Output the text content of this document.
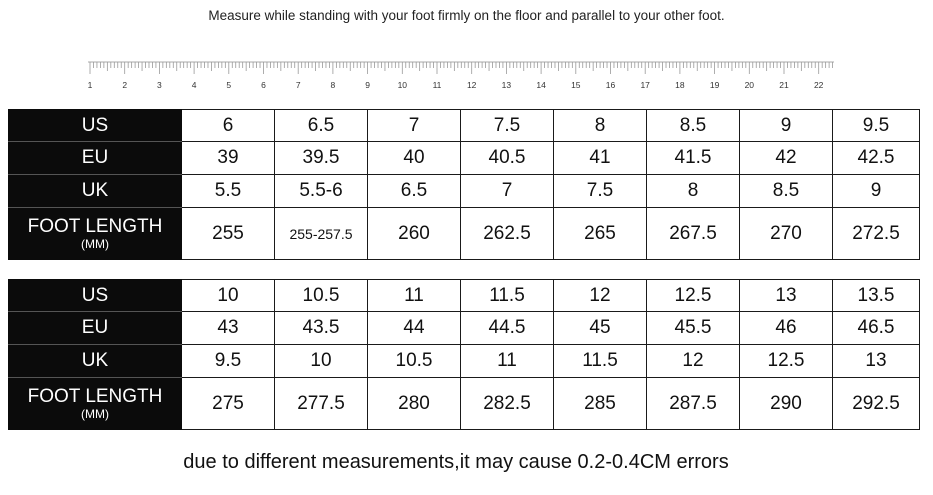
Measure while standing with your foot firmly on the floor and parallel to your other foot.
1	2	3	4	5	6	7	8	9	10	11	12	13	14	15	16	17	18	19	20	21	22
US	6	6.5	7	7.5	8	8.5	9	9.5

EU	39	39.5	40	40.5	41	41.5	42	42.5

UK	5.5	5.5-6	6.5	7	7.5	8	8.5	9

FOOT LENGTH
(MM)	255	255-257.5	260	262.5	265	267.5	270	272.5
US	10	10.5	11	11.5	12	12.5	13	13.5

EU	43	43.5	44	44.5	45	45.5	46	46.5

UK	9.5	10	10.5	11	11.5	12	12.5	13

FOOT LENGTH
(MM)	275	277.5	280	282.5	285	287.5	290	292.5
due to different measurements,it may cause 0.2-0.4CM errors
